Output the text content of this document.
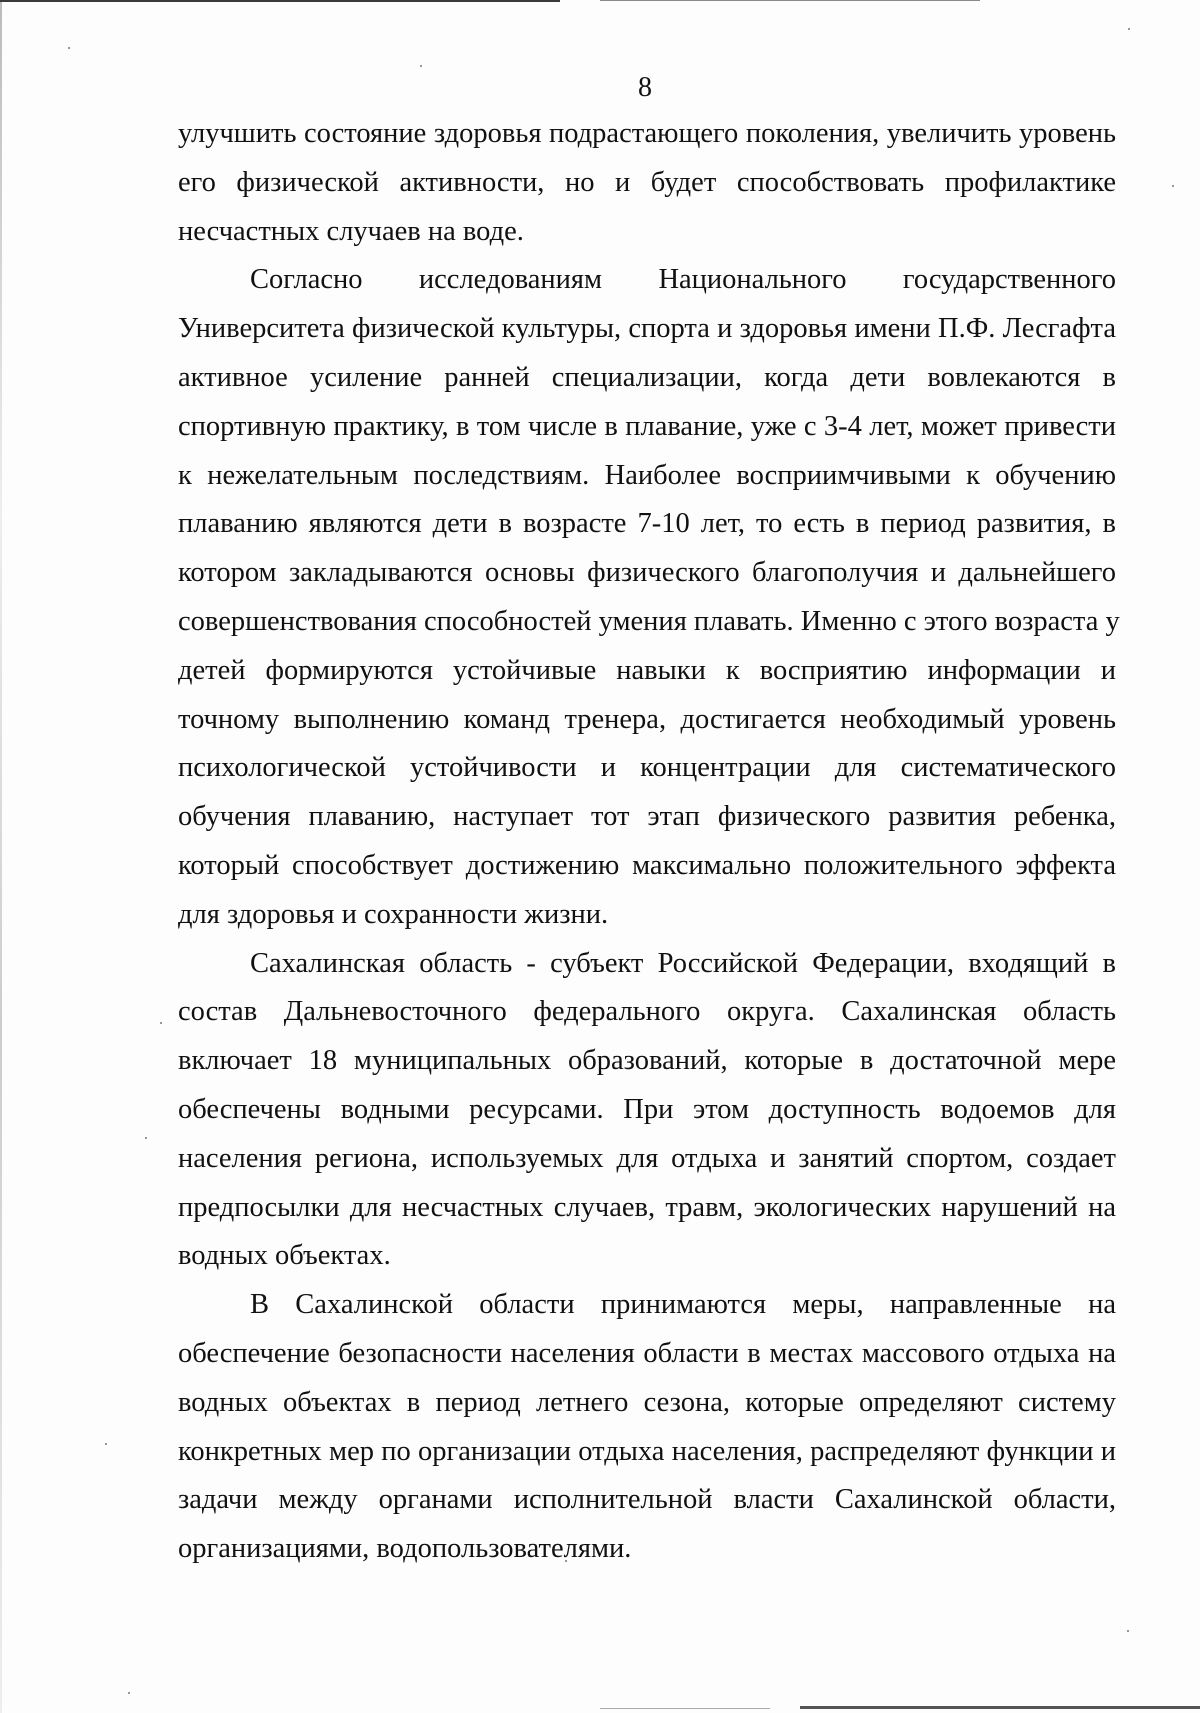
8
улучшить состояние здоровья подрастающего поколения, увеличить уровень
его физической активности, но и будет способствовать профилактике
несчастных случаев на воде.
Согласно исследованиям Национального государственного
Университета физической культуры, спорта и здоровья имени П.Ф. Лесгафта
активное усиление ранней специализации, когда дети вовлекаются в
спортивную практику, в том числе в плавание, уже с 3-4 лет, может привести
к нежелательным последствиям. Наиболее восприимчивыми к обучению
плаванию являются дети в возрасте 7-10 лет, то есть в период развития, в
котором закладываются основы физического благополучия и дальнейшего
совершенствования способностей умения плавать. Именно с этого возраста у
детей формируются устойчивые навыки к восприятию информации и
точному выполнению команд тренера, достигается необходимый уровень
психологической устойчивости и концентрации для систематического
обучения плаванию, наступает тот этап физического развития ребенка,
который способствует достижению максимально положительного эффекта
для здоровья и сохранности жизни.
Сахалинская область - субъект Российской Федерации, входящий в
состав Дальневосточного федерального округа. Сахалинская область
включает 18 муниципальных образований, которые в достаточной мере
обеспечены водными ресурсами. При этом доступность водоемов для
населения региона, используемых для отдыха и занятий спортом, создает
предпосылки для несчастных случаев, травм, экологических нарушений на
водных объектах.
В Сахалинской области принимаются меры, направленные на
обеспечение безопасности населения области в местах массового отдыха на
водных объектах в период летнего сезона, которые определяют систему
конкретных мер по организации отдыха населения, распределяют функции и
задачи между органами исполнительной власти Сахалинской области,
организациями, водопользователями.
